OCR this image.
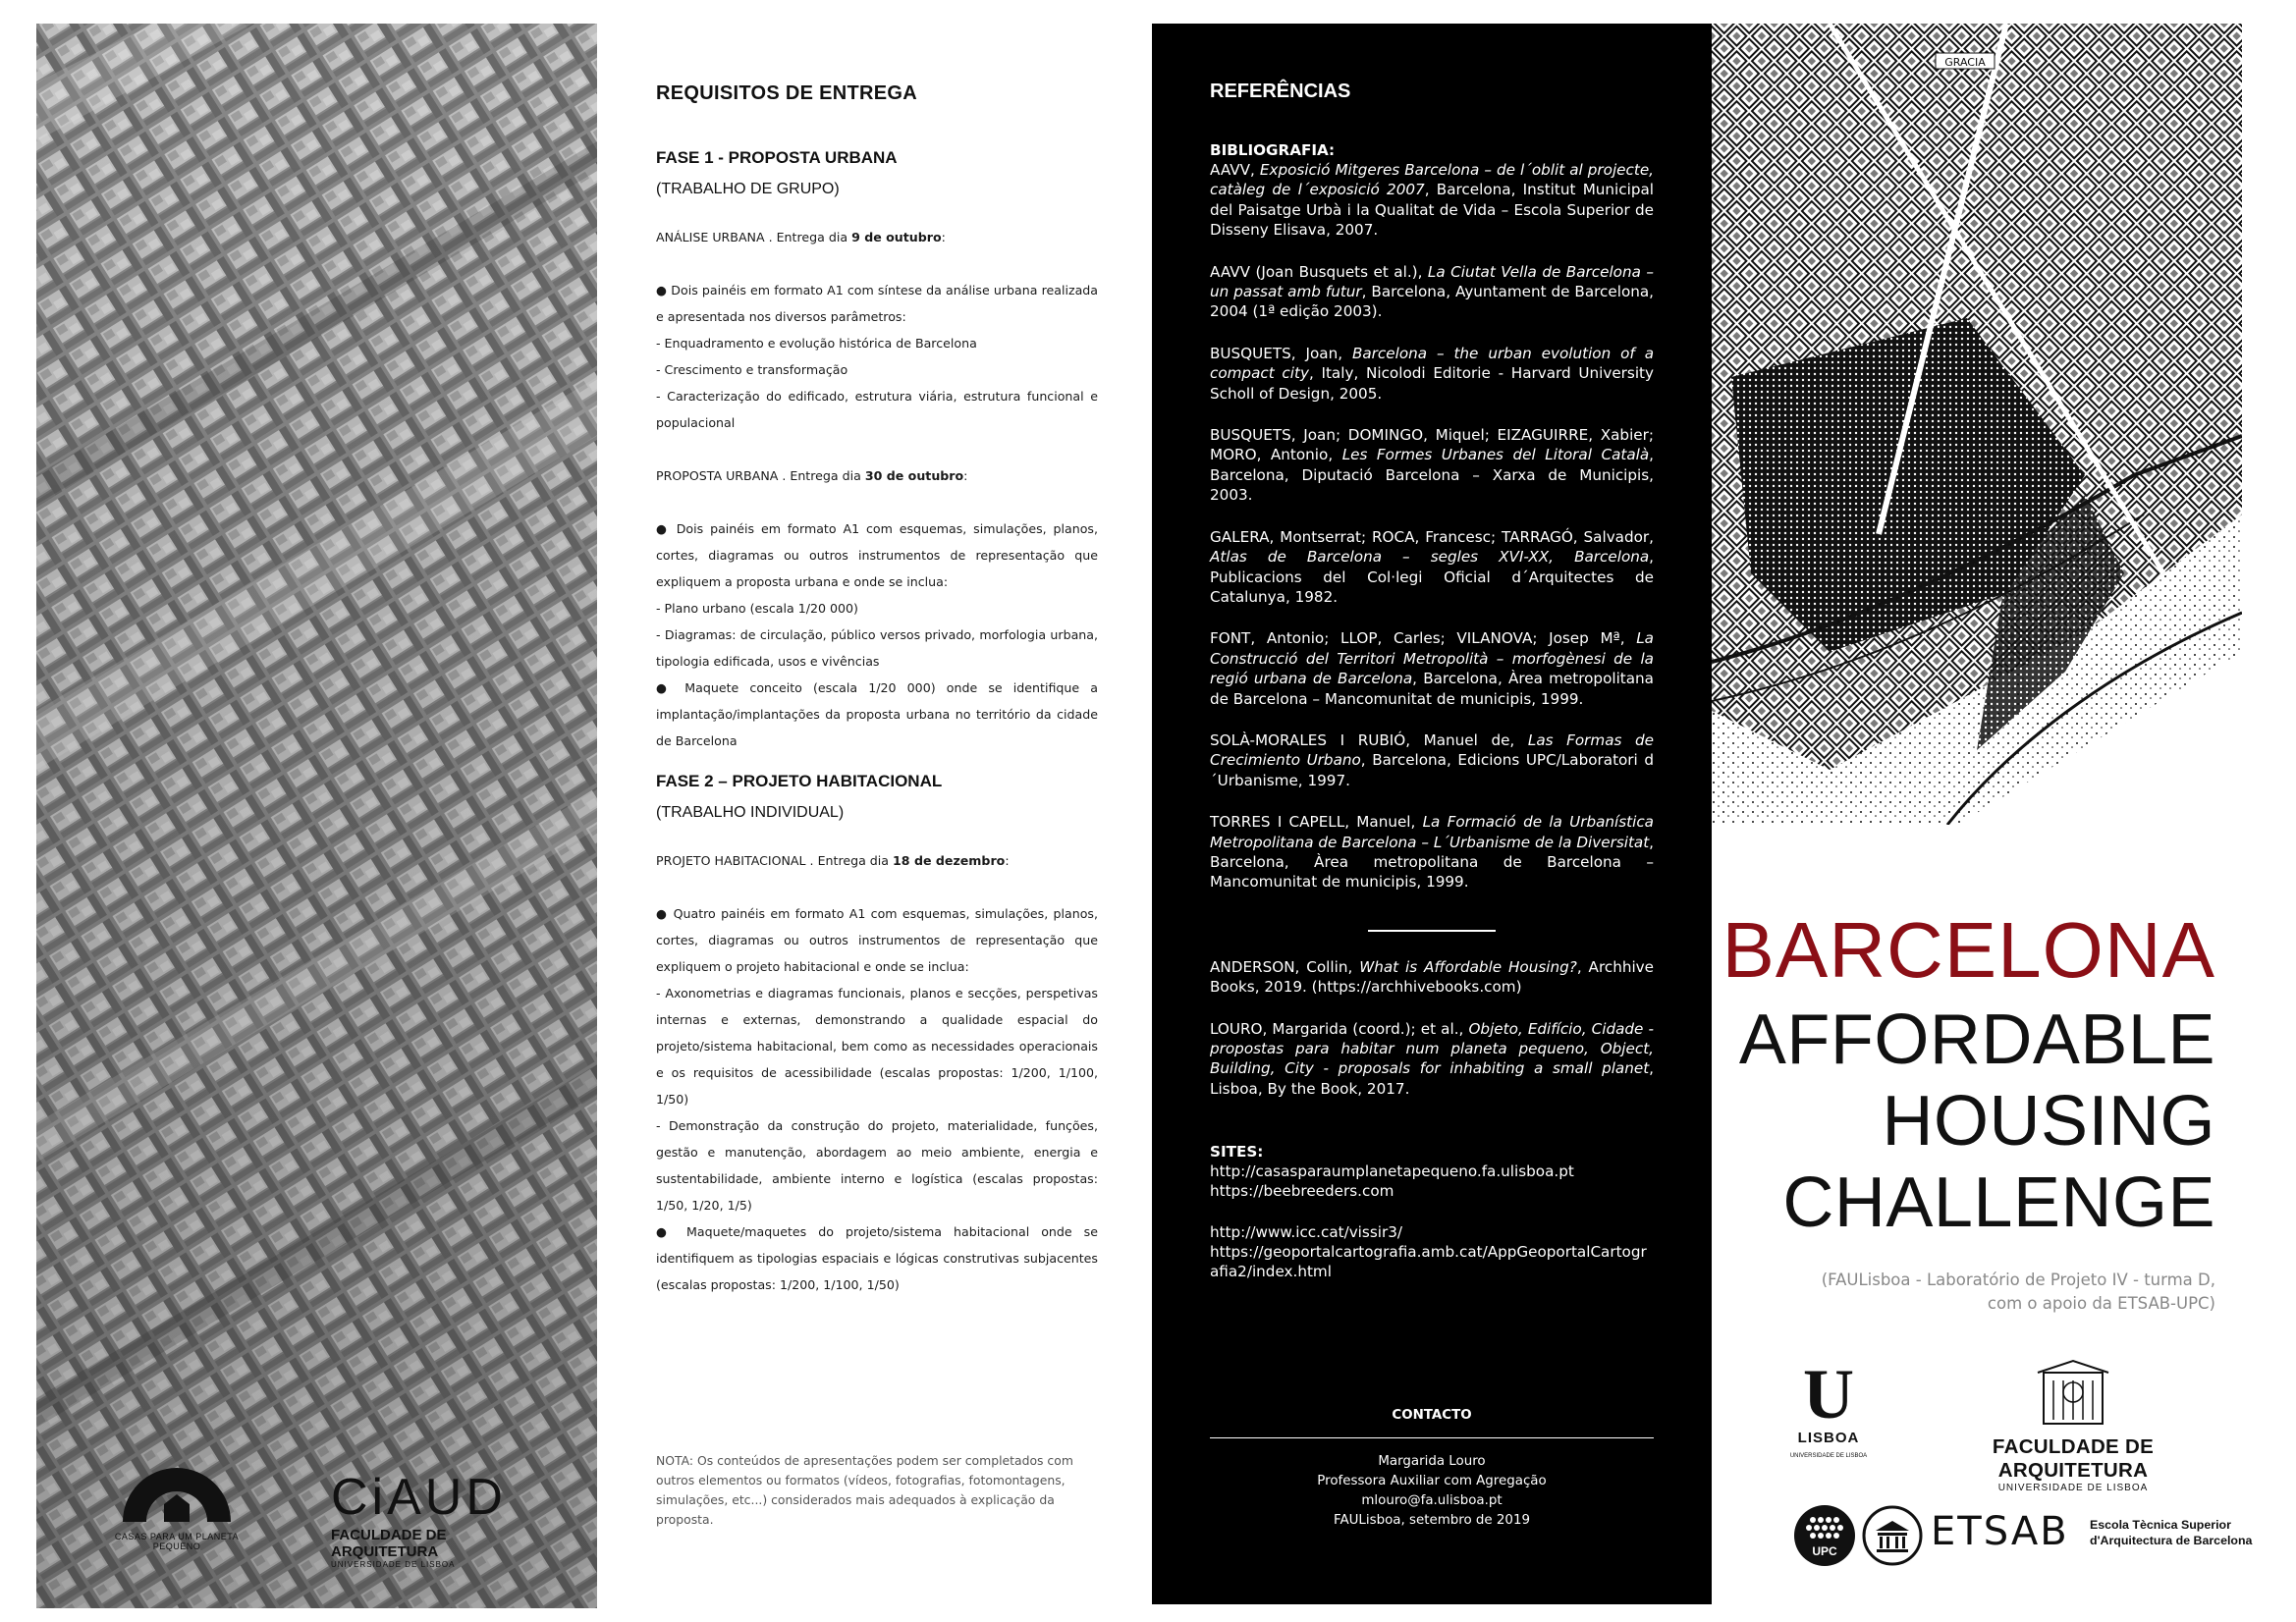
CASAS PARA UM PLANETA PEQUENO
CiAUD
FACULDADE DE ARQUITETURA
UNIVERSIDADE DE LISBOA
REQUISITOS DE ENTREGA
FASE 1 - PROPOSTA URBANA
(TRABALHO DE GRUPO)
ANÁLISE URBANA . Entrega dia 9 de outubro:
● Dois painéis em formato A1 com síntese da análise urbana realizada e apresentada nos diversos parâmetros:
- Enquadramento e evolução histórica de Barcelona
- Crescimento e transformação
- Caracterização do edificado, estrutura viária, estrutura funcional e populacional
PROPOSTA URBANA . Entrega dia 30 de outubro:
● Dois painéis em formato A1 com esquemas, simulações, planos, cortes, diagramas ou outros instrumentos de representação que expliquem a proposta urbana e onde se inclua:
- Plano urbano (escala 1/20 000)
- Diagramas: de circulação, público versos privado, morfologia urbana, tipologia edificada, usos e vivências
● Maquete conceito (escala 1/20 000) onde se identifique a implantação/implantações da proposta urbana no território da cidade de Barcelona
FASE 2 – PROJETO HABITACIONAL
(TRABALHO INDIVIDUAL)
PROJETO HABITACIONAL . Entrega dia 18 de dezembro:
● Quatro painéis em formato A1 com esquemas, simulações, planos, cortes, diagramas ou outros instrumentos de representação que expliquem o projeto habitacional e onde se inclua:
- Axonometrias e diagramas funcionais, planos e secções, perspetivas internas e externas, demonstrando a qualidade espacial do projeto/sistema habitacional, bem como as necessidades operacionais e os requisitos de acessibilidade (escalas propostas: 1/200, 1/100, 1/50)
- Demonstração da construção do projeto, materialidade, funções, gestão e manutenção, abordagem ao meio ambiente, energia e sustentabilidade, ambiente interno e logística (escalas propostas: 1/50, 1/20, 1/5)
● Maquete/maquetes do projeto/sistema habitacional onde se identifiquem as tipologias espaciais e lógicas construtivas subjacentes (escalas propostas: 1/200, 1/100, 1/50)
NOTA: Os conteúdos de apresentações podem ser completados com outros elementos ou formatos (vídeos, fotografias, fotomontagens, simulações, etc...) considerados mais adequados à explicação da proposta.
REFERÊNCIAS
BIBLIOGRAFIA:
AAVV, Exposició Mitgeres Barcelona – de l´oblit al projecte, catàleg de l´exposició 2007, Barcelona, Institut Municipal del Paisatge Urbà i la Qualitat de Vida – Escola Superior de Disseny Elisava, 2007.
AAVV (Joan Busquets et al.), La Ciutat Vella de Barcelona – un passat amb futur, Barcelona, Ayuntament de Barcelona, 2004 (1ª edição 2003).
BUSQUETS, Joan, Barcelona – the urban evolution of a compact city, Italy, Nicolodi Editorie - Harvard University Scholl of Design, 2005.
BUSQUETS, Joan; DOMINGO, Miquel; EIZAGUIRRE, Xabier; MORO, Antonio, Les Formes Urbanes del Litoral Català, Barcelona, Diputació Barcelona – Xarxa de Municipis, 2003.
GALERA, Montserrat; ROCA, Francesc; TARRAGÓ, Salvador, Atlas de Barcelona – segles XVI-XX, Barcelona, Publicacions del Col·legi Oficial d´Arquitectes de Catalunya, 1982.
FONT, Antonio; LLOP, Carles; VILANOVA; Josep Mª, La Construcció del Territori Metropolità – morfogènesi de la regió urbana de Barcelona, Barcelona, Àrea metropolitana de Barcelona – Mancomunitat de municipis, 1999.
SOLÀ-MORALES I RUBIÓ, Manuel de, Las Formas de Crecimiento Urbano, Barcelona, Edicions UPC/Laboratori d´Urbanisme, 1997.
TORRES I CAPELL, Manuel, La Formació de la Urbanística Metropolitana de Barcelona – L´Urbanisme de la Diversitat, Barcelona, Àrea metropolitana de Barcelona – Mancomunitat de municipis, 1999.
ANDERSON, Collin, What is Affordable Housing?, Archhive Books, 2019. (https://archhivebooks.com)
LOURO, Margarida (coord.); et al., Objeto, Edifício, Cidade - propostas para habitar num planeta pequeno, Object, Building, City - proposals for inhabiting a small planet, Lisboa, By the Book, 2017.
SITES:
http://casasparaumplanetapequeno.fa.ulisboa.pt
https://beebreeders.com
http://www.icc.cat/vissir3/
https://geoportalcartografia.amb.cat/AppGeoportalCartografia2/index.html
CONTACTO
Margarida Louro
Professora Auxiliar com Agregação
mlouro@fa.ulisboa.pt
FAULisboa, setembro de 2019
GRACIA
BARCELONA
AFFORDABLE
HOUSING
CHALLENGE
(FAULisboa - Laboratório de Projeto IV - turma D,
com o apoio da ETSAB-UPC)
U
LISBOA
UNIVERSIDADE DE LISBOA	FACULDADE DE ARQUITETURA
UNIVERSIDADE DE LISBOA
UPC ETSAB Escola Tècnica Superior
d'Arquitectura de Barcelona
